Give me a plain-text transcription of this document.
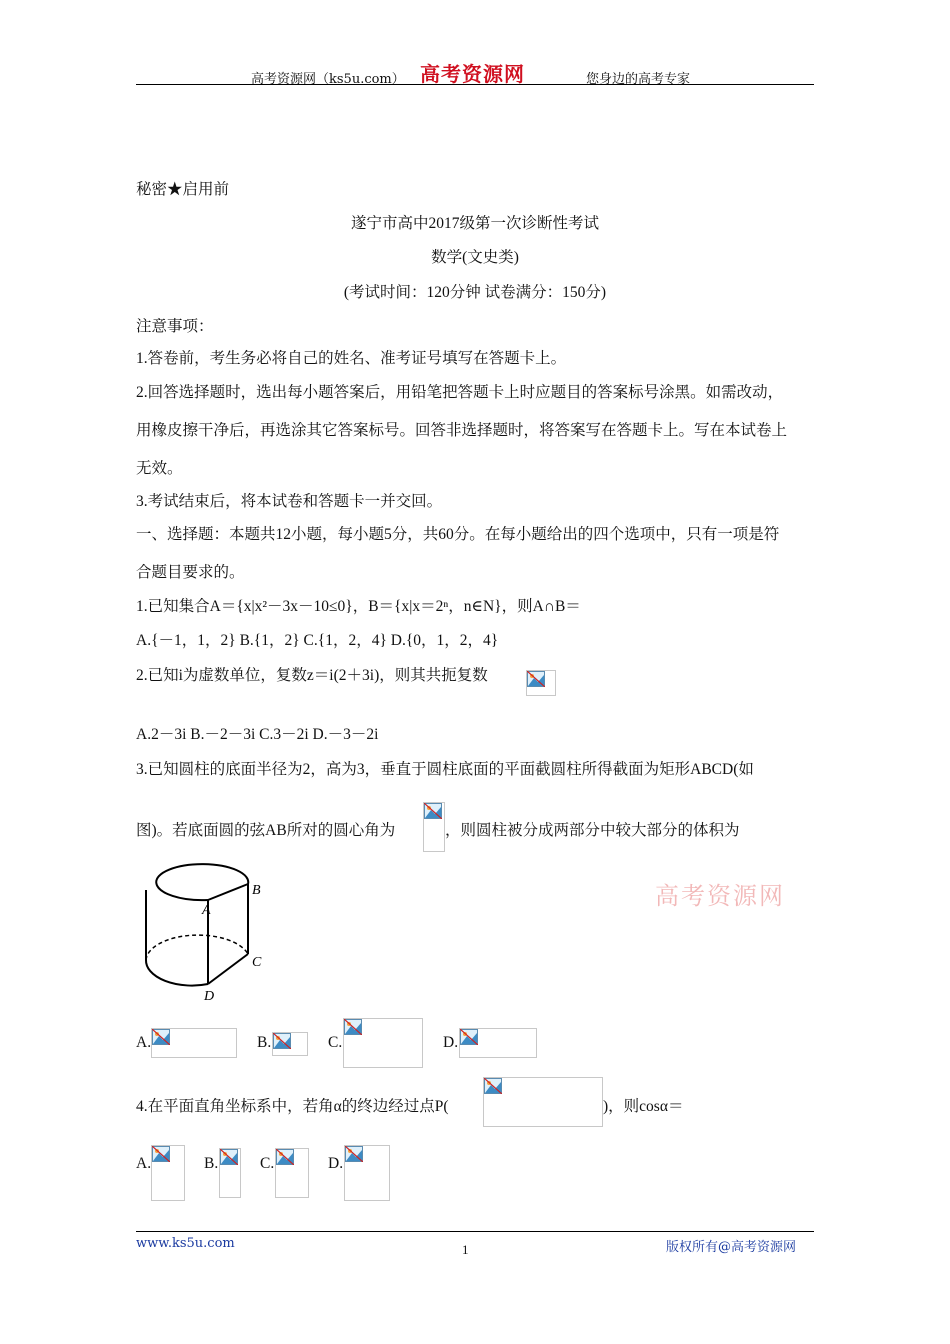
高考资源网（ks5u.com） 高考资源网	您身边的高考专家
秘密★启用前
遂宁市高中2017级第一次诊断性考试
数学(文史类)
(考试时间：120分钟 试卷满分：150分)
注意事项：
1.答卷前，考生务必将自己的姓名、准考证号填写在答题卡上。
2.回答选择题时，选出每小题答案后，用铅笔把答题卡上时应题目的答案标号涂黑。如需改动，
用橡皮擦干净后，再选涂其它答案标号。回答非选择题时，将答案写在答题卡上。写在本试卷上
无效。
3.考试结束后，将本试卷和答题卡一并交回。
一、选择题：本题共12小题，每小题5分，共60分。在每小题给出的四个选项中，只有一项是符
合题目要求的。
1.已知集合A＝{x|x²－3x－10≤0}，B＝{x|x＝2ⁿ，n∈N}，则A∩B＝
A.{－1，1，2} B.{1，2} C.{1，2，4} D.{0，1，2，4}
2.已知i为虚数单位，复数z＝i(2＋3i)，则其共扼复数
A.2－3i B.－2－3i C.3－2i D.－3－2i
3.已知圆柱的底面半径为2，高为3，垂直于圆柱底面的平面截圆柱所得截面为矩形ABCD(如
图)。若底面圆的弦AB所对的圆心角为	，则圆柱被分成两部分中较大部分的体积为
A
B
C
D
高考资源网
A.	B.	C.	D.
4.在平面直角坐标系中，若角α的终边经过点P(	)，则cosα＝
A.	B.	C.	D.
www.ks5u.com	1	版权所有@高考资源网
